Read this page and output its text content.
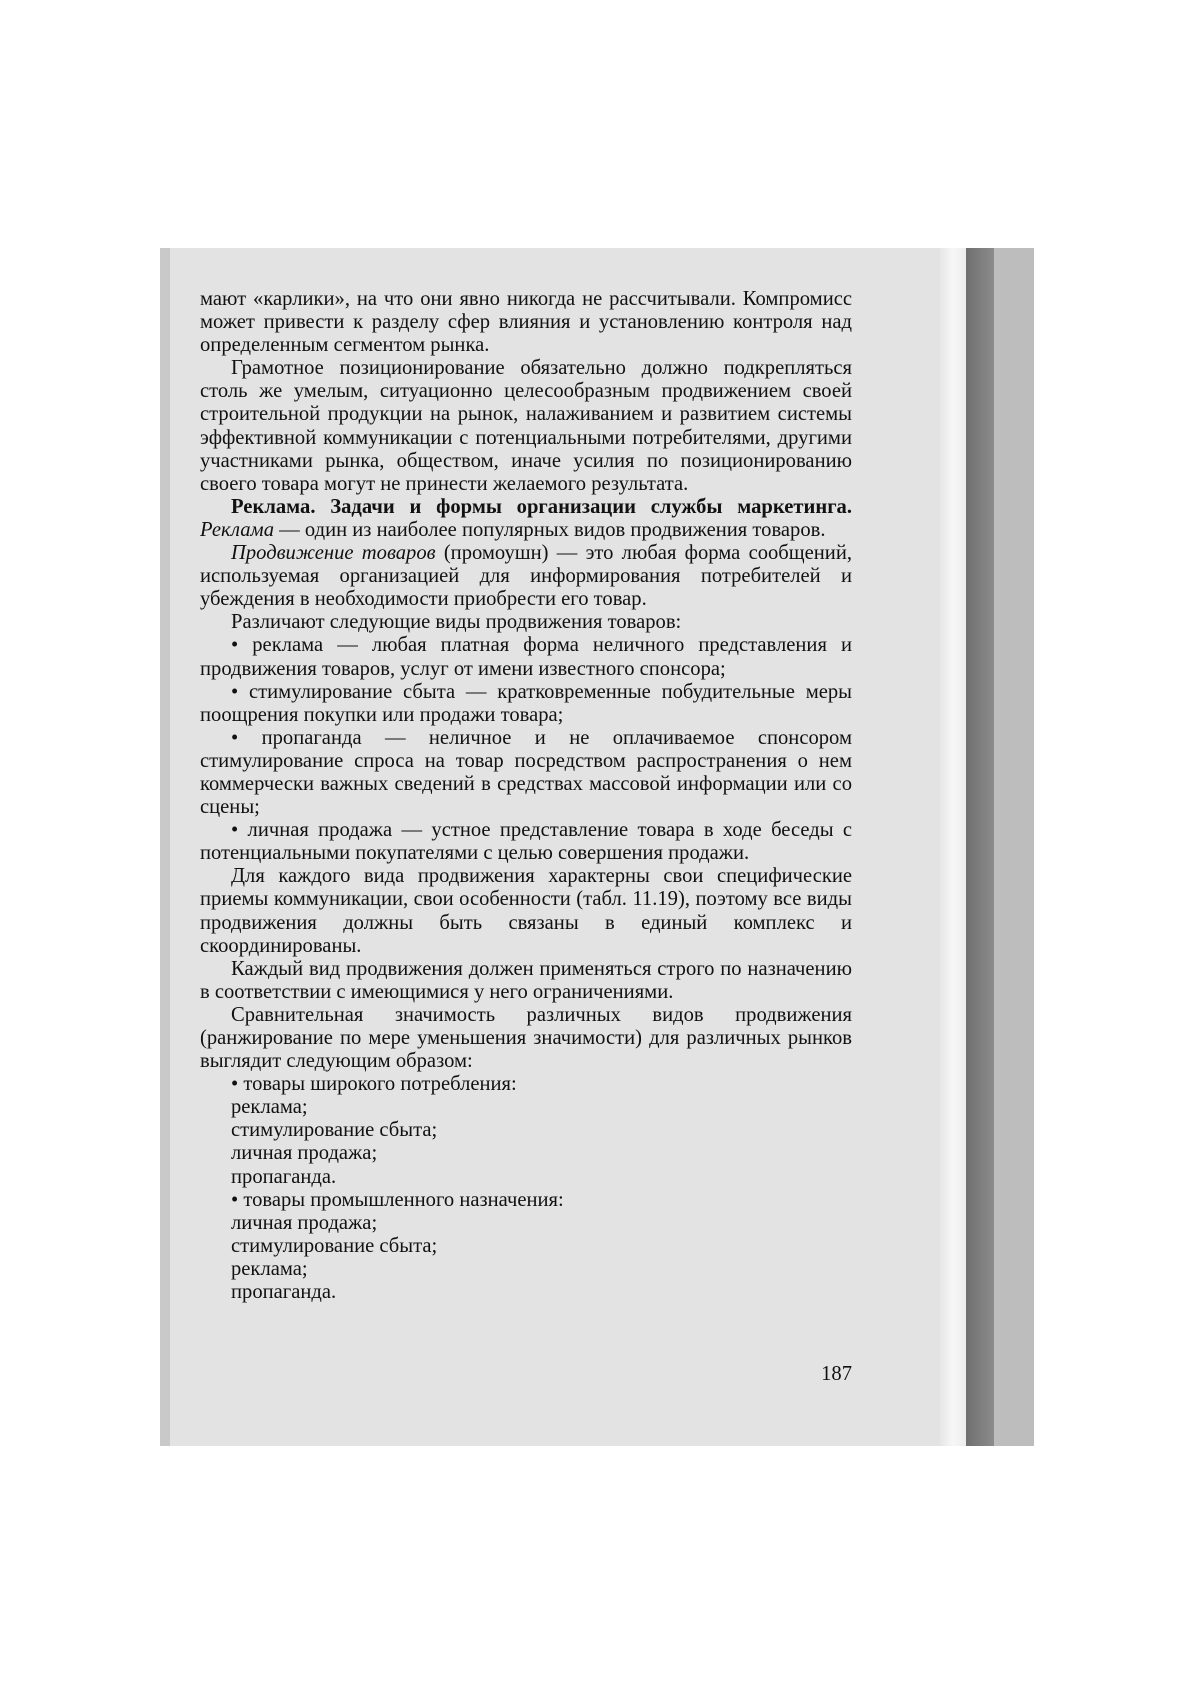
мают «карлики», на что они явно никогда не рассчитывали. Компромисс может привести к разделу сфер влияния и установлению контроля над определенным сегментом рынка.

Грамотное позиционирование обязательно должно подкрепляться столь же умелым, ситуационно целесообразным продвижением своей строительной продукции на рынок, налаживанием и развитием системы эффективной коммуникации с потенциальными потребителями, другими участниками рынка, обществом, иначе усилия по позиционированию своего товара могут не принести желаемого результата.

Реклама. Задачи и формы организации службы маркетинга. Реклама — один из наиболее популярных видов продвижения товаров.

Продвижение товаров (промоушн) — это любая форма сообщений, используемая организацией для информирования потребителей и убеждения в необходимости приобрести его товар.

Различают следующие виды продвижения товаров:

• реклама — любая платная форма неличного представления и продвижения товаров, услуг от имени известного спонсора;

• стимулирование сбыта — кратковременные побудительные меры поощрения покупки или продажи товара;

• пропаганда — неличное и не оплачиваемое спонсором стимулирование спроса на товар посредством распространения о нем коммерчески важных сведений в средствах массовой информации или со сцены;

• личная продажа — устное представление товара в ходе беседы с потенциальными покупателями с целью совершения продажи.

Для каждого вида продвижения характерны свои специфические приемы коммуникации, свои особенности (табл. 11.19), поэтому все виды продвижения должны быть связаны в единый комплекс и скоординированы.

Каждый вид продвижения должен применяться строго по назначению в соответствии с имеющимися у него ограничениями.

Сравнительная значимость различных видов продвижения (ранжирование по мере уменьшения значимости) для различных рынков выглядит следующим образом:

• товары широкого потребления:

реклама;

стимулирование сбыта;

личная продажа;

пропаганда.

• товары промышленного назначения:

личная продажа;

стимулирование сбыта;

реклама;

пропаганда.

187
